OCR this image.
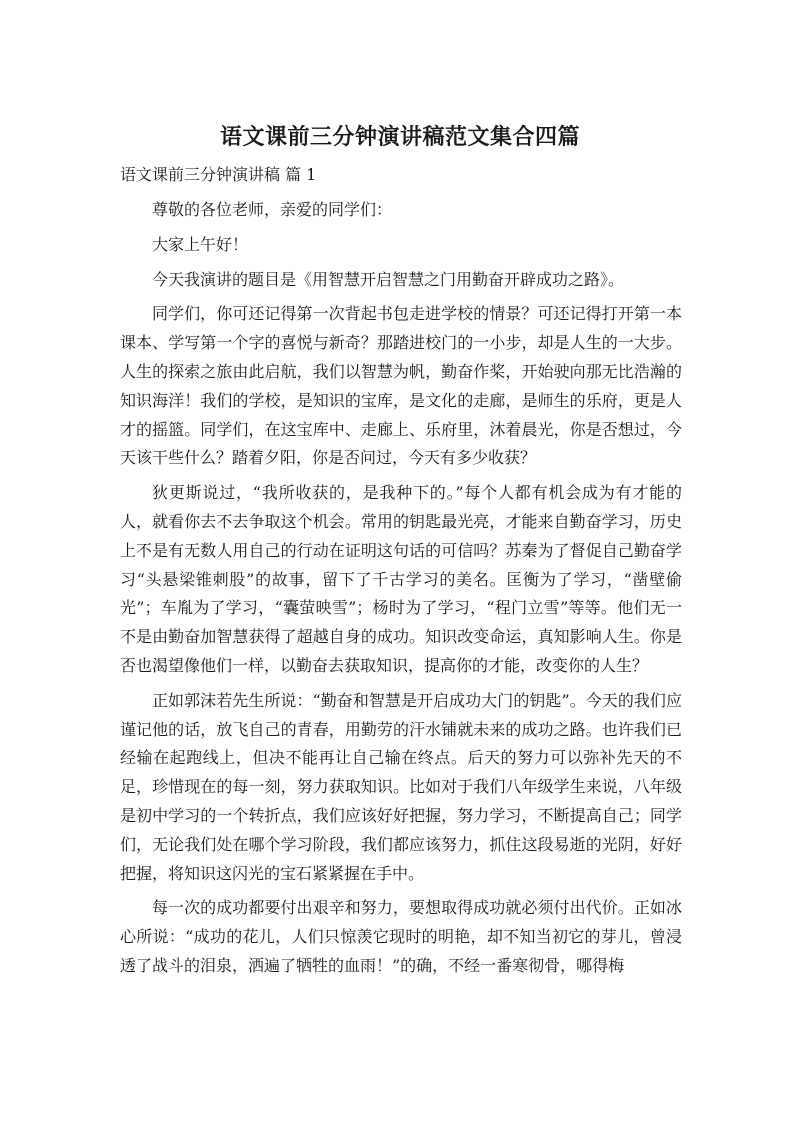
语文课前三分钟演讲稿范文集合四篇

语文课前三分钟演讲稿 篇 1

尊敬的各位老师，亲爱的同学们：

大家上午好！

今天我演讲的题目是《用智慧开启智慧之门用勤奋开辟成功之路》。

同学们，你可还记得第一次背起书包走进学校的情景？可还记得打开第一本课本、学写第一个字的喜悦与新奇？那踏进校门的一小步，却是人生的一大步。人生的探索之旅由此启航，我们以智慧为帆，勤奋作桨，开始驶向那无比浩瀚的知识海洋！我们的学校，是知识的宝库，是文化的走廊，是师生的乐府，更是人才的摇篮。同学们，在这宝库中、走廊上、乐府里，沐着晨光，你是否想过，今天该干些什么？踏着夕阳，你是否问过，今天有多少收获？

狄更斯说过，“我所收获的，是我种下的。”每个人都有机会成为有才能的人，就看你去不去争取这个机会。常用的钥匙最光亮，才能来自勤奋学习，历史上不是有无数人用自己的行动在证明这句话的可信吗？苏秦为了督促自己勤奋学习“头悬梁锥刺股”的故事，留下了千古学习的美名。匡衡为了学习，“凿壁偷光”；车胤为了学习，“囊萤映雪”；杨时为了学习，“程门立雪”等等。他们无一不是由勤奋加智慧获得了超越自身的成功。知识改变命运，真知影响人生。你是否也渴望像他们一样，以勤奋去获取知识，提高你的才能，改变你的人生？

正如郭沫若先生所说：“勤奋和智慧是开启成功大门的钥匙”。今天的我们应谨记他的话，放飞自己的青春，用勤劳的汗水铺就未来的成功之路。也许我们已经输在起跑线上，但决不能再让自己输在终点。后天的努力可以弥补先天的不足，珍惜现在的每一刻，努力获取知识。比如对于我们八年级学生来说，八年级是初中学习的一个转折点，我们应该好好把握，努力学习，不断提高自己；同学们，无论我们处在哪个学习阶段，我们都应该努力，抓住这段易逝的光阴，好好把握，将知识这闪光的宝石紧紧握在手中。

每一次的成功都要付出艰辛和努力，要想取得成功就必须付出代价。正如冰心所说：“成功的花儿，人们只惊羡它现时的明艳，却不知当初它的芽儿，曾浸透了战斗的泪泉，洒遍了牺牲的血雨！”的确，不经一番寒彻骨，哪得梅
